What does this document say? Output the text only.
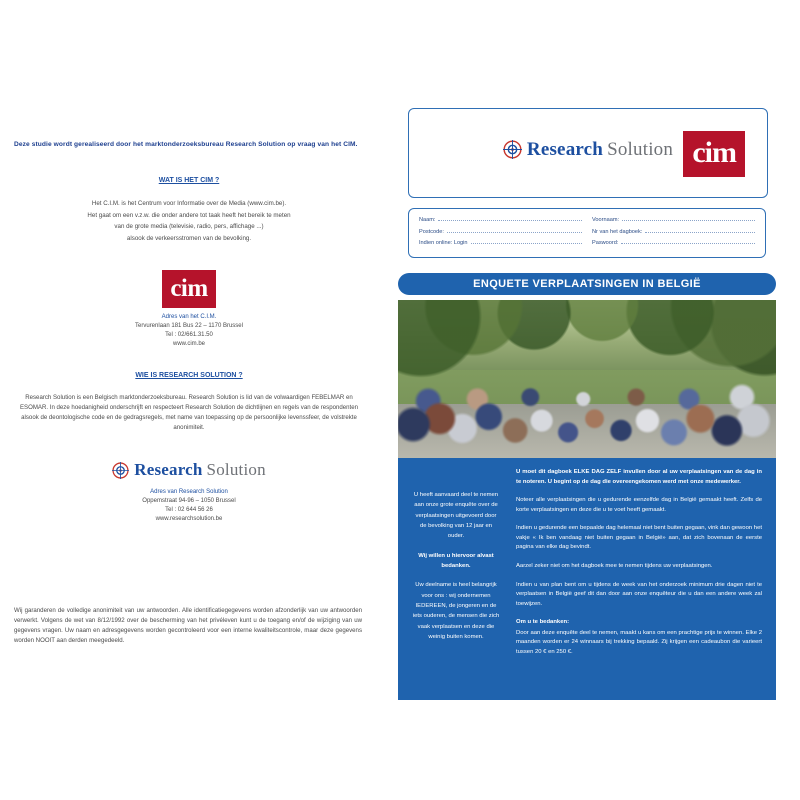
Deze studie wordt gerealiseerd door het marktonderzoeksbureau Research Solution op vraag van het CIM.

WAT IS HET CIM ?

Het C.I.M. is het Centrum voor Informatie over de Media (www.cim.be).

Het gaat om een v.z.w. die onder andere tot taak heeft het bereik te meten

van de grote media (televisie, radio, pers, affichage ...)

alsook de verkeersstromen van de bevolking.

cim
Adres van het C.I.M.
Tervurenlaan 181 Bus 22 – 1170 Brussel
Tel : 02/661.31.50
www.cim.be
WIE IS RESEARCH SOLUTION ?
Research Solution is een Belgisch marktonderzoeksbureau. Research Solution is lid van de volwaardigen FEBELMAR en ESOMAR. In deze hoedanigheid onderschrijft en respecteert Research Solution de dichtlijnen en regels van de respondenten alsook de deontologische code en de gedragsregels, met name van toepassing op de persoonlijke levenssfeer, de volstrekte anonimiteit.
Research Solution
Adres van Research Solution
Oppemstraat 94-96 – 1050 Brussel
Tel : 02 644 56 26
www.researchsolution.be
Wij garanderen de volledige anonimiteit van uw antwoorden. Alle identificatiegegevens worden afzonderlijk van uw antwoorden verwerkt. Volgens de wet van 8/12/1992 over de bescherming van het privéleven kunt u de toegang en/of de wijziging van uw gegevens vragen. Uw naam en adresgegevens worden gecontroleerd voor een interne kwaliteitscontrole, maar deze gegevens worden NOOIT aan derden meegedeeld.
Research Solution cim
Naam:	Voornaam:
Postcode:	Nr van het dagboek:
Indien online: Login	Paswoord:
ENQUETE VERPLAATSINGEN IN BELGIË

U heeft aanvaard deel te nemen aan onze grote enquête over de verplaatsingen uitgevoerd door de bevolking van 12 jaar en ouder.

Wij willen u hiervoor alvast bedanken.

Uw deelname is heel belangrijk voor ons : wij ondernemen IEDEREEN, de jongeren en de iets ouderen, de mensen die zich vaak verplaatsen en deze die weinig buiten komen.

U moet dit dagboek ELKE DAG ZELF invullen door al uw verplaatsingen van de dag in te noteren. U begint op de dag die overeengekomen werd met onze medewerker.

Noteer alle verplaatsingen die u gedurende eenzelfde dag in België gemaakt heeft. Zelfs de korte verplaatsingen en deze die u te voet heeft gemaakt.

Indien u gedurende een bepaalde dag helemaal niet bent buiten gegaan, vink dan gewoon het vakje « Ik ben vandaag niet buiten gegaan in België» aan, dat zich bovenaan de eerste pagina van elke dag bevindt.

Aarzel zeker niet om het dagboek mee te nemen tijdens uw verplaatsingen.

Indien u van plan bent om u tijdens de week van het onderzoek minimum drie dagen niet te verplaatsen in België geef dit dan door aan onze enquêteur die u dan een andere week zal toewijzen.

Om u te bedanken:

Door aan deze enquête deel te nemen, maakt u kans om een prachtige prijs te winnen. Elke 2 maanden worden er 24 winnaars bij trekking bepaald. Zij krijgen een cadeaubon die varieert tussen 20 € en 250 €.
